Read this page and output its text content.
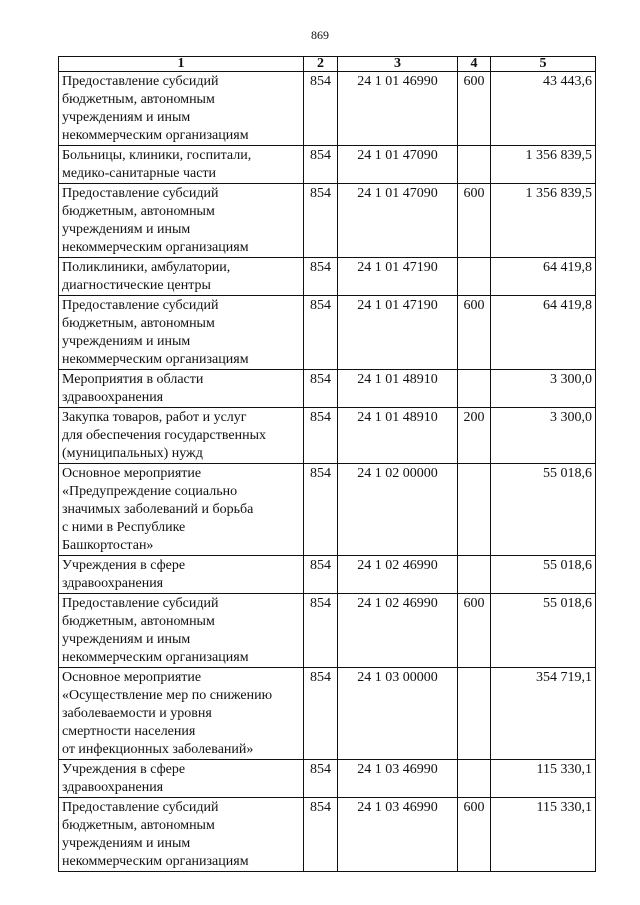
869
1	2	3	4	5
Предоставление субсидий
бюджетным, автономным
учреждениям и иным
некоммерческим организациям	854	24 1 01 46990	600	43 443,6
Больницы, клиники, госпитали,
медико-санитарные части	854	24 1 01 47090		1 356 839,5
Предоставление субсидий
бюджетным, автономным
учреждениям и иным
некоммерческим организациям	854	24 1 01 47090	600	1 356 839,5
Поликлиники, амбулатории,
диагностические центры	854	24 1 01 47190		64 419,8
Предоставление субсидий
бюджетным, автономным
учреждениям и иным
некоммерческим организациям	854	24 1 01 47190	600	64 419,8
Мероприятия в области
здравоохранения	854	24 1 01 48910		3 300,0
Закупка товаров, работ и услуг
для обеспечения государственных
(муниципальных) нужд	854	24 1 01 48910	200	3 300,0
Основное мероприятие
«Предупреждение социально
значимых заболеваний и борьба
с ними в Республике
Башкортостан»	854	24 1 02 00000		55 018,6
Учреждения в сфере
здравоохранения	854	24 1 02 46990		55 018,6
Предоставление субсидий
бюджетным, автономным
учреждениям и иным
некоммерческим организациям	854	24 1 02 46990	600	55 018,6
Основное мероприятие
«Осуществление мер по снижению
заболеваемости и уровня
смертности населения
от инфекционных заболеваний»	854	24 1 03 00000		354 719,1
Учреждения в сфере
здравоохранения	854	24 1 03 46990		115 330,1
Предоставление субсидий
бюджетным, автономным
учреждениям и иным
некоммерческим организациям	854	24 1 03 46990	600	115 330,1
